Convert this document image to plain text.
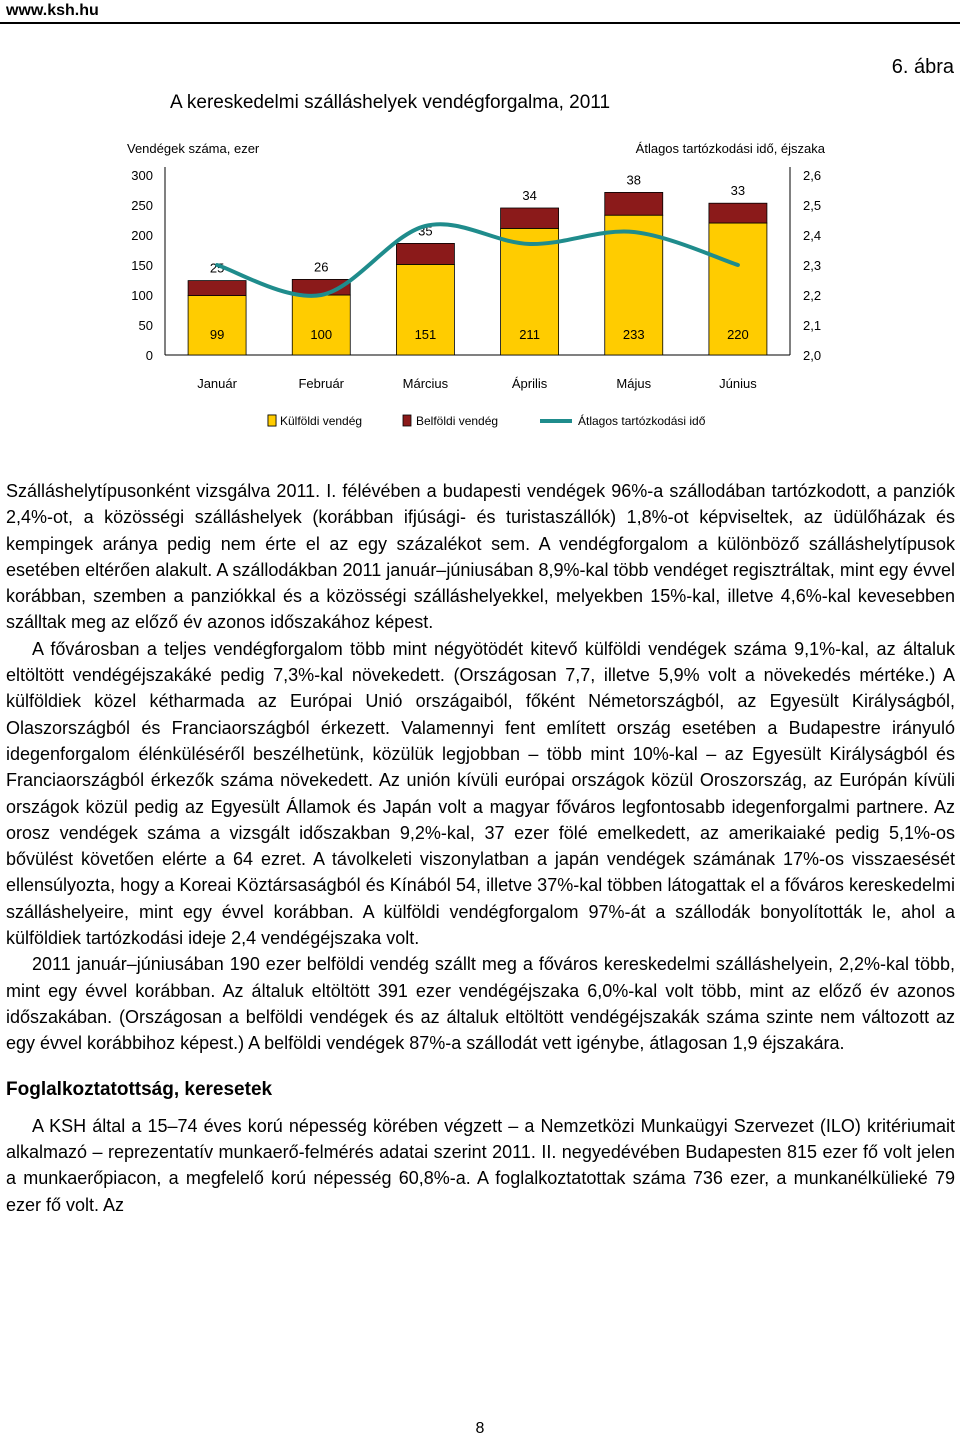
www.ksh.hu
6. ábra
A kereskedelmi szálláshelyek vendégforgalma, 2011
Vendégek száma, ezer	Átlagos tartózkodási idő, éjszaka
300
250
200
150
100
50
0
2,6
2,5
2,4
2,3
2,2
2,1
2,0
99
25
Január
100
26
Február
151
35
Március
211
34
Április
233
38
Május
220
33
Június
Külföldi vendég	Belföldi vendég	Átlagos tartózkodási idő

Szálláshelytípusonként vizsgálva 2011. I. félévében a budapesti vendégek 96%-a szállodában tartózkodott, a panziók 2,4%-ot, a közösségi szálláshelyek (korábban ifjúsági- és turistaszállók) 1,8%-ot képviseltek, az üdülőházak és kempingek aránya pedig nem érte el az egy százalékot sem. A vendégforgalom a különböző szálláshelytípusok esetében eltérően alakult. A szállodákban 2011 január–júniusában 8,9%-kal több vendéget regisztráltak, mint egy évvel korábban, szemben a panziókkal és a közösségi szálláshelyekkel, melyekben 15%-kal, illetve 4,6%-kal kevesebben szálltak meg az előző év azonos időszakához képest.

A fővárosban a teljes vendégforgalom több mint négyötödét kitevő külföldi vendégek száma 9,1%-kal, az általuk eltöltött vendégéjszakáké pedig 7,3%-kal növekedett. (Országosan 7,7, illetve 5,9% volt a növekedés mértéke.) A külföldiek közel kétharmada az Európai Unió országaiból, főként Németországból, az Egyesült Királyságból, Olaszországból és Franciaországból érkezett. Valamennyi fent említett ország esetében a Budapestre irányuló idegenforgalom élénküléséről beszélhetünk, közülük legjobban – több mint 10%-kal – az Egyesült Királyságból és Franciaországból érkezők száma növekedett. Az unión kívüli európai országok közül Oroszország, az Európán kívüli országok közül pedig az Egyesült Államok és Japán volt a magyar főváros legfontosabb idegenforgalmi partnere. Az orosz vendégek száma a vizsgált időszakban 9,2%-kal, 37 ezer fölé emelkedett, az amerikaiaké pedig 5,1%-os bővülést követően elérte a 64 ezret. A távolkeleti viszonylatban a japán vendégek számának 17%-os visszaesését ellensúlyozta, hogy a Koreai Köztársaságból és Kínából 54, illetve 37%-kal többen látogattak el a főváros kereskedelmi szálláshelyeire, mint egy évvel korábban. A külföldi vendégforgalom 97%-át a szállodák bonyolították le, ahol a külföldiek tartózkodási ideje 2,4 vendégéjszaka volt.

2011 január–júniusában 190 ezer belföldi vendég szállt meg a főváros kereskedelmi szálláshelyein, 2,2%-kal több, mint egy évvel korábban. Az általuk eltöltött 391 ezer vendégéjszaka 6,0%-kal volt több, mint az előző év azonos időszakában. (Országosan a belföldi vendégek és az általuk eltöltött vendégéjszakák száma szinte nem változott az egy évvel korábbihoz képest.) A belföldi vendégek 87%-a szállodát vett igénybe, átlagosan 1,9 éjszakára.

Foglalkoztatottság, keresetek

A KSH által a 15–74 éves korú népesség körében végzett – a Nemzetközi Munkaügyi Szervezet (ILO) kritériumait alkalmazó – reprezentatív munkaerő-felmérés adatai szerint 2011. II. negyedévében Budapesten 815 ezer fő volt jelen a munkaerőpiacon, a megfelelő korú népesség 60,8%-a. A foglalkoztatottak száma 736 ezer, a munkanélkülieké 79 ezer fő volt. Az

8
